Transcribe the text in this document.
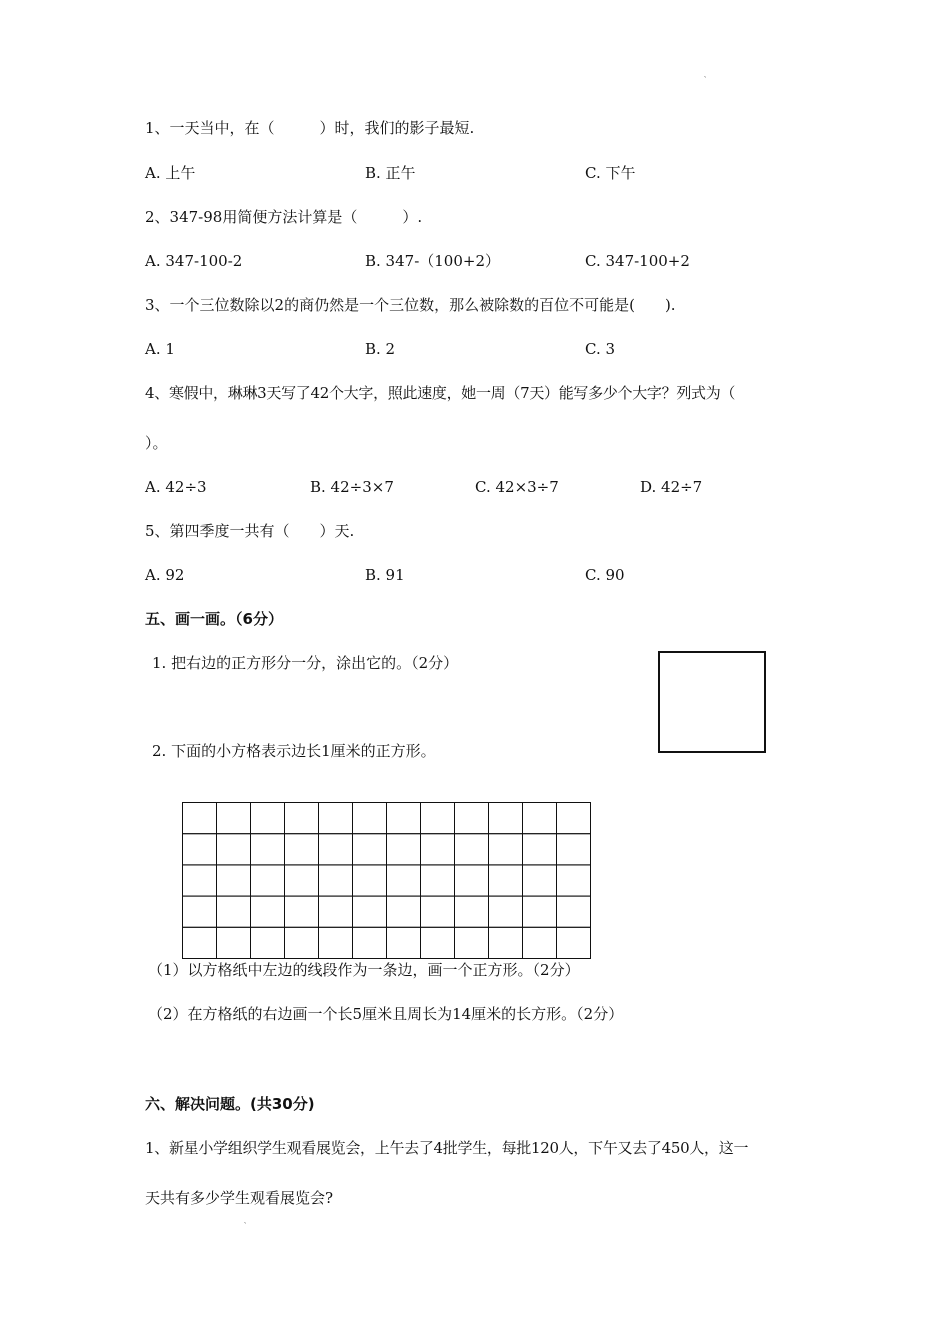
‵
1、一天当中，在（　　　）时，我们的影子最短.
A. 上午	B. 正午	C. 下午
2、347-98用简便方法计算是（　　　）.
A. 347-100-2	B. 347-（100+2）	C. 347-100+2
3、一个三位数除以2的商仍然是一个三位数，那么被除数的百位不可能是(　　).
A. 1	B. 2	C. 3
4、寒假中，琳琳3天写了42个大字，照此速度，她一周（7天）能写多少个大字？列式为（
）。
A. 42÷3	B. 42÷3×7	C. 42×3÷7	D. 42÷7
5、第四季度一共有（　　）天.
A. 92	B. 91	C. 90
五、画一画。（6分）
1. 把右边的正方形分一分，涂出它的。（2分）
2. 下面的小方格表示边长1厘米的正方形。
（1）以方格纸中左边的线段作为一条边，画一个正方形。（2分）
（2）在方格纸的右边画一个长5厘米且周长为14厘米的长方形。（2分）
六、解决问题。(共30分)
1、新星小学组织学生观看展览会，上午去了4批学生，每批120人，下午又去了450人，这一
天共有多少学生观看展览会?
‵
